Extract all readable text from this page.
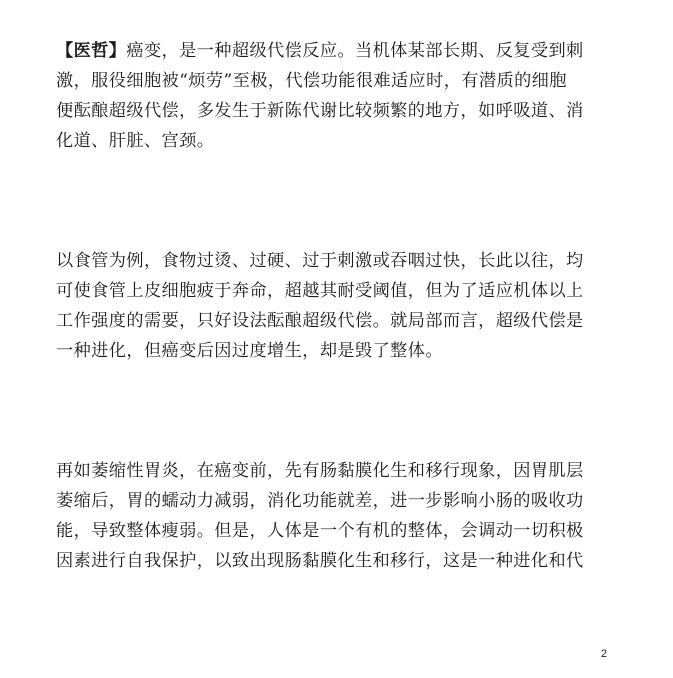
【医哲】癌变，是一种超级代偿反应。当机体某部长期、反复受到刺
激，服役细胞被“烦劳”至极，代偿功能很难适应时，有潜质的细胞
便酝酿超级代偿，多发生于新陈代谢比较频繁的地方，如呼吸道、消
化道、肝脏、宫颈。
以食管为例，食物过烫、过硬、过于刺激或吞咽过快，长此以往，均
可使食管上皮细胞疲于奔命，超越其耐受阈值，但为了适应机体以上
工作强度的需要，只好设法酝酿超级代偿。就局部而言，超级代偿是
一种进化，但癌变后因过度增生，却是毁了整体。
再如萎缩性胃炎，在癌变前，先有肠黏膜化生和移行现象，因胃肌层
萎缩后，胃的蠕动力减弱，消化功能就差，进一步影响小肠的吸收功
能，导致整体瘦弱。但是，人体是一个有机的整体，会调动一切积极
因素进行自我保护，以致出现肠黏膜化生和移行，这是一种进化和代
2
